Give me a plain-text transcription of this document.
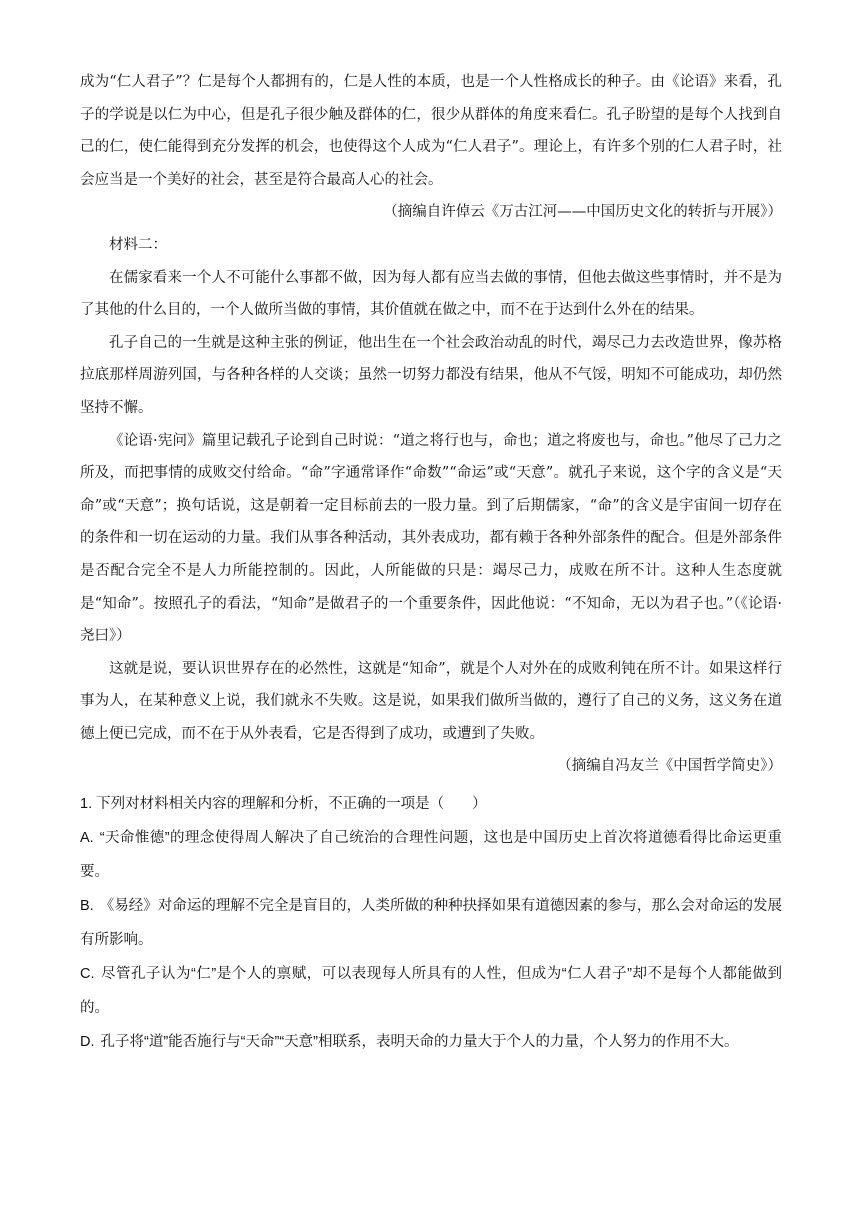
成为“仁人君子”？仁是每个人都拥有的，仁是人性的本质，也是一个人性格成长的种子。由《论语》来看，孔子的学说是以仁为中心，但是孔子很少触及群体的仁，很少从群体的角度来看仁。孔子盼望的是每个人找到自己的仁，使仁能得到充分发挥的机会，也使得这个人成为“仁人君子”。理论上，有许多个别的仁人君子时，社会应当是一个美好的社会，甚至是符合最高人心的社会。

（摘编自许倬云《万古江河——中国历史文化的转折与开展》）

材料二：

在儒家看来一个人不可能什么事都不做，因为每人都有应当去做的事情，但他去做这些事情时，并不是为了其他的什么目的，一个人做所当做的事情，其价值就在做之中，而不在于达到什么外在的结果。

孔子自己的一生就是这种主张的例证，他出生在一个社会政治动乱的时代，竭尽己力去改造世界，像苏格拉底那样周游列国，与各种各样的人交谈；虽然一切努力都没有结果，他从不气馁，明知不可能成功，却仍然坚持不懈。

《论语·宪问》篇里记载孔子论到自己时说：“道之将行也与，命也；道之将废也与，命也。”他尽了己力之所及，而把事情的成败交付给命。“命”字通常译作“命数”“命运”或“天意”。就孔子来说，这个字的含义是“天命”或“天意”；换句话说，这是朝着一定目标前去的一股力量。到了后期儒家，“命”的含义是宇宙间一切存在的条件和一切在运动的力量。我们从事各种活动，其外表成功，都有赖于各种外部条件的配合。但是外部条件是否配合完全不是人力所能控制的。因此，人所能做的只是：竭尽己力，成败在所不计。这种人生态度就是“知命”。按照孔子的看法，“知命”是做君子的一个重要条件，因此他说：“不知命，无以为君子也。”（《论语·尧曰》）

这就是说，要认识世界存在的必然性，这就是“知命”，就是个人对外在的成败利钝在所不计。如果这样行事为人，在某种意义上说，我们就永不失败。这是说，如果我们做所当做的，遵行了自己的义务，这义务在道德上便已完成，而不在于从外表看，它是否得到了成功，或遭到了失败。

（摘编自冯友兰《中国哲学简史》）

1. 下列对材料相关内容的理解和分析，不正确的一项是（ ）

A. “天命惟德”的理念使得周人解决了自己统治的合理性问题，这也是中国历史上首次将道德看得比命运更重要。

B. 《易经》对命运的理解不完全是盲目的，人类所做的种种抉择如果有道德因素的参与，那么会对命运的发展有所影响。

C. 尽管孔子认为“仁”是个人的禀赋，可以表现每人所具有的人性，但成为“仁人君子”却不是每个人都能做到的。

D. 孔子将“道”能否施行与“天命”“天意”相联系，表明天命的力量大于个人的力量，个人努力的作用不大。
